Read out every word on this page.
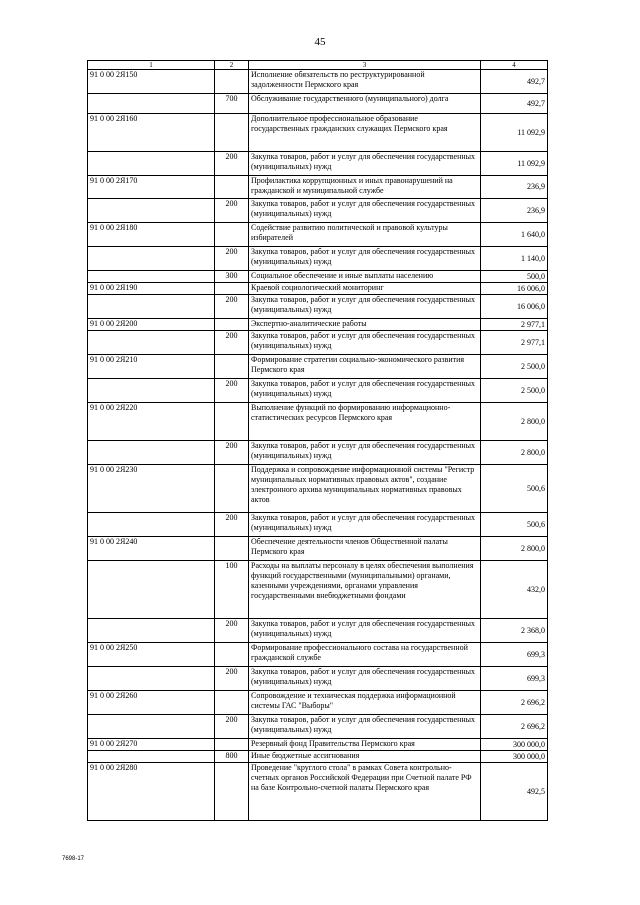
45
1	2	3	4
91 0 00 2Я150		Исполнение обязательств по реструктурированной задолженности Пермского края	492,7
	700	Обслуживание государственного (муниципального) долга	492,7
91 0 00 2Я160		Дополнительное профессиональное образование государственных гражданских служащих Пермского края	11 092,9
	200	Закупка товаров, работ и услуг для обеспечения государственных (муниципальных) нужд	11 092,9
91 0 00 2Я170		Профилактика коррупционных и иных правонарушений на гражданской и муниципальной службе	236,9
	200	Закупка товаров, работ и услуг для обеспечения государственных (муниципальных) нужд	236,9
91 0 00 2Я180		Содействие развитию политической и правовой культуры избирателей	1 640,0
	200	Закупка товаров, работ и услуг для обеспечения государственных (муниципальных) нужд	1 140,0
	300	Социальное обеспечение и иные выплаты населению	500,0
91 0 00 2Я190		Краевой социологический мониторинг	16 006,0
	200	Закупка товаров, работ и услуг для обеспечения государственных (муниципальных) нужд	16 006,0
91 0 00 2Я200		Экспертно-аналитические работы	2 977,1
	200	Закупка товаров, работ и услуг для обеспечения государственных (муниципальных) нужд	2 977,1
91 0 00 2Я210		Формирование стратегии социально-экономического развития Пермского края	2 500,0
	200	Закупка товаров, работ и услуг для обеспечения государственных (муниципальных) нужд	2 500,0
91 0 00 2Я220		Выполнение функций по формированию информационно-статистических ресурсов Пермского края	2 800,0
	200	Закупка товаров, работ и услуг для обеспечения государственных (муниципальных) нужд	2 800,0
91 0 00 2Я230		Поддержка и сопровождение информационной системы "Регистр муниципальных нормативных правовых актов", создание электронного архива муниципальных нормативных правовых актов	500,6
	200	Закупка товаров, работ и услуг для обеспечения государственных (муниципальных) нужд	500,6
91 0 00 2Я240		Обеспечение деятельности членов Общественной палаты Пермского края	2 800,0
	100	Расходы на выплаты персоналу в целях обеспечения выполнения функций государственными (муниципальными) органами, казенными учреждениями, органами управления государственными внебюджетными фондами	432,0
	200	Закупка товаров, работ и услуг для обеспечения государственных (муниципальных) нужд	2 368,0
91 0 00 2Я250		Формирование профессионального состава на государственной гражданской службе	699,3
	200	Закупка товаров, работ и услуг для обеспечения государственных (муниципальных) нужд	699,3
91 0 00 2Я260		Сопровождение и техническая поддержка информационной системы ГАС "Выборы"	2 696,2
	200	Закупка товаров, работ и услуг для обеспечения государственных (муниципальных) нужд	2 696,2
91 0 00 2Я270		Резервный фонд Правительства Пермского края	300 000,0
	800	Иные бюджетные ассигнования	300 000,0
91 0 00 2Я280		Проведение "круглого стола" в рамках Совета контрольно-счетных органов Российской Федерации при Счетной палате РФ на базе Контрольно-счетной палаты Пермского края	492,5
7698-17
